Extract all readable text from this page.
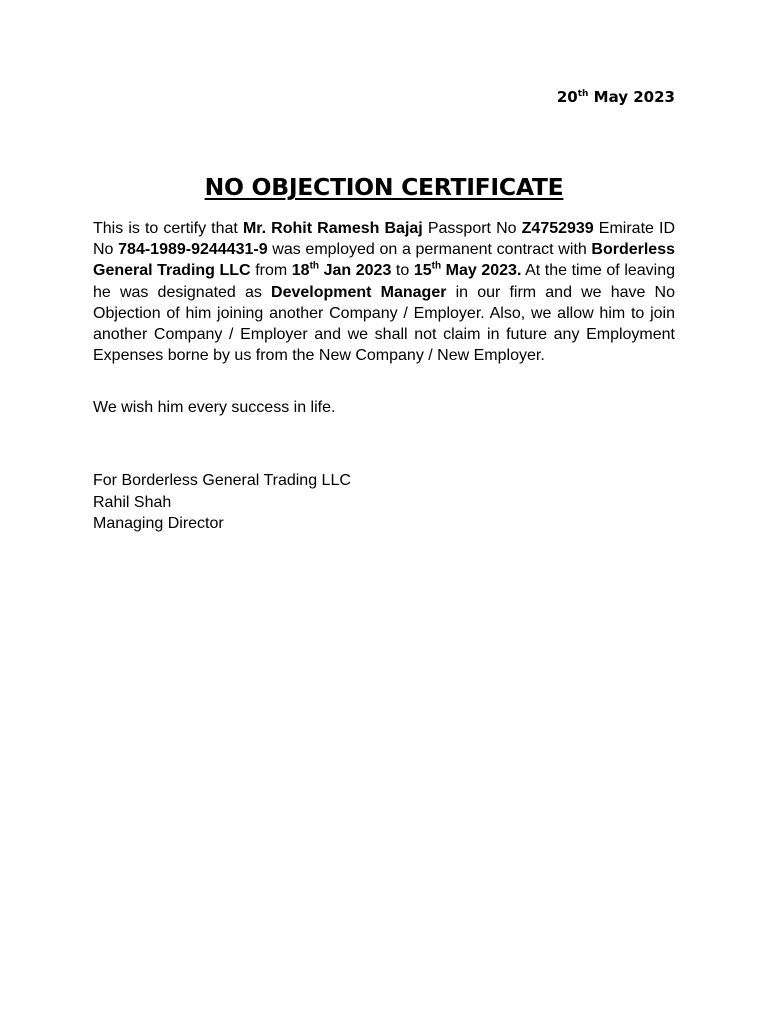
20th May 2023
NO OBJECTION CERTIFICATE

This is to certify that Mr. Rohit Ramesh Bajaj Passport No Z4752939 Emirate ID No 784-1989-9244431-9 was employed on a permanent contract with Borderless General Trading LLC from 18th Jan 2023 to 15th May 2023. At the time of leaving he was designated as Development Manager in our firm and we have No Objection of him joining another Company / Employer. Also, we allow him to join another Company / Employer and we shall not claim in future any Employment Expenses borne by us from the New Company / New Employer.

We wish him every success in life.

For Borderless General Trading LLC
Rahil Shah
Managing Director
